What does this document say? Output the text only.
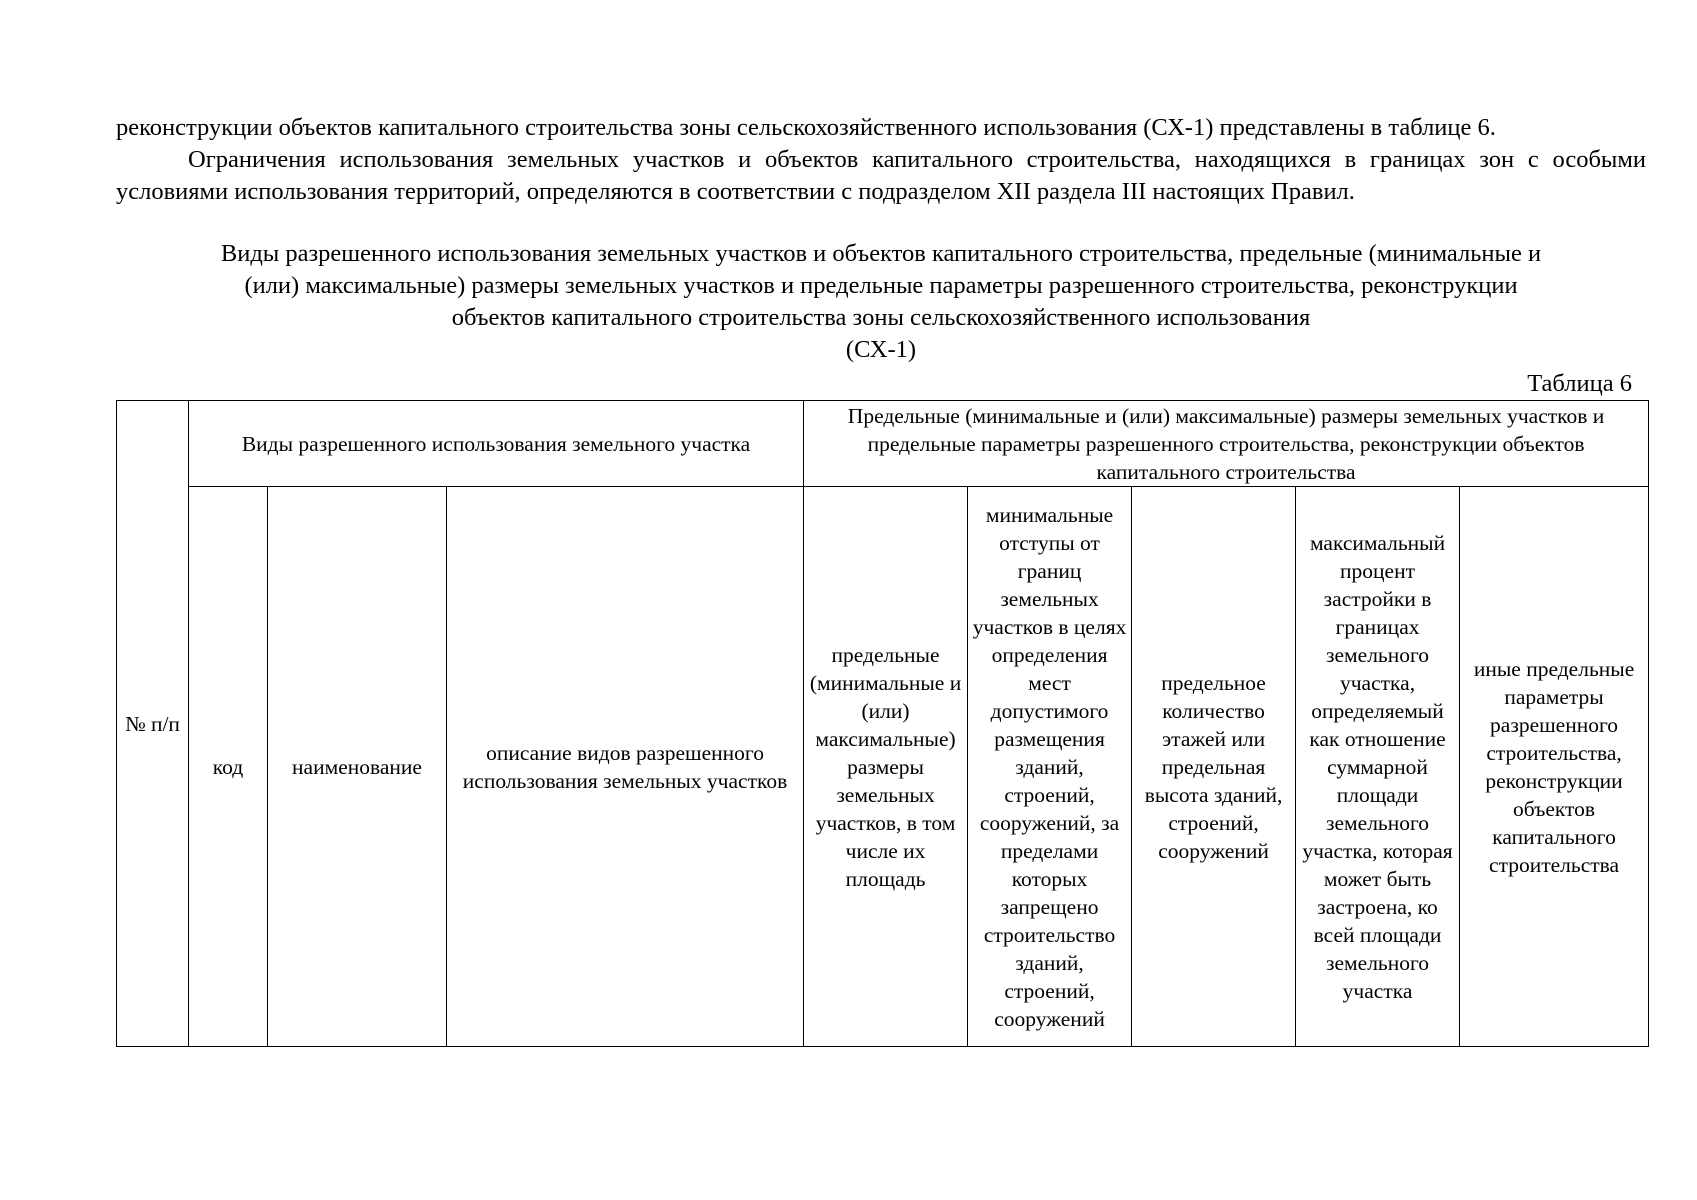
реконструкции объектов капитального строительства зоны сельскохозяйственного использования (СХ-1) представлены в таблице 6.

Ограничения использования земельных участков и объектов капитального строительства, находящихся в границах зон с особыми условиями использования территорий, определяются в соответствии с подразделом XII раздела III настоящих Правил.

Виды разрешенного использования земельных участков и объектов капитального строительства, предельные (минимальные и
(или) максимальные) размеры земельных участков и предельные параметры разрешенного строительства, реконструкции
объектов капитального строительства зоны сельскохозяйственного использования
(СХ-1)
Таблица 6
№ п/п	Виды разрешенного использования земельного участка			Предельные (минимальные и (или) максимальные) размеры земельных участков и предельные параметры разрешенного строительства, реконструкции объектов капитального строительства				
	код	наименование	описание видов разрешенного использования земельных участков	предельные (минимальные и (или) максимальные) размеры земельных участков, в том числе их площадь	минимальные отступы от границ земельных участков в целях определения мест допустимого размещения зданий, строений, сооружений, за пределами которых запрещено строительство зданий, строений, сооружений	предельное количество этажей или предельная высота зданий, строений, сооружений	максимальный процент застройки в границах земельного участка, определяемый как отношение суммарной площади земельного участка, которая может быть застроена, ко всей площади земельного участка	иные предельные параметры разрешенного строительства, реконструкции объектов капитального строительства
